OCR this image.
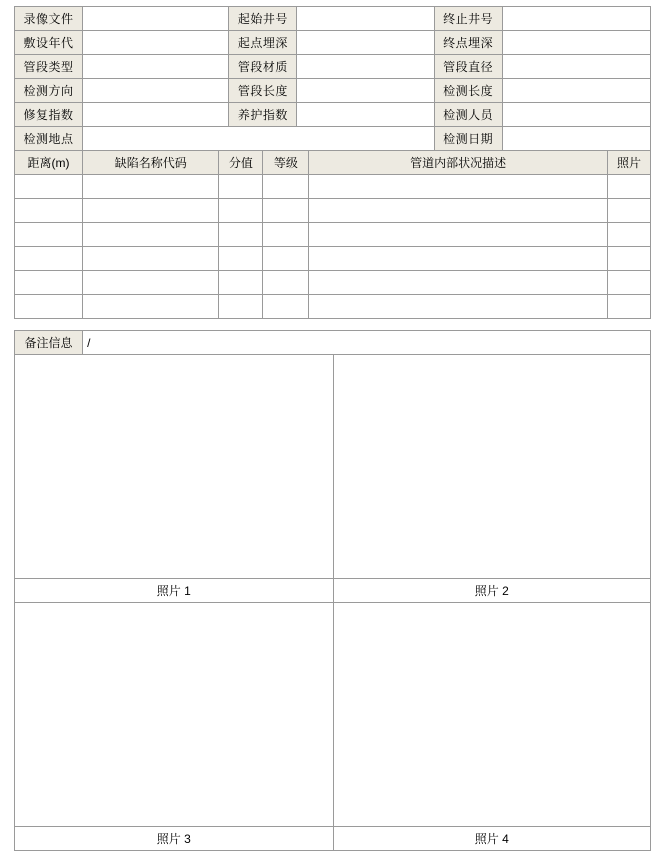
录像文件		起始井号		终止井号	
敷设年代		起点埋深		终点埋深	
管段类型		管段材质		管段直径	
检测方向		管段长度		检测长度	
修复指数		养护指数		检测人员	
检测地点				检测日期	
距离(m)	缺陷名称代码	分值	等级	管道内部状况描述	照片

备注信息	/

照片 1	照片 2

照片 3	照片 4
